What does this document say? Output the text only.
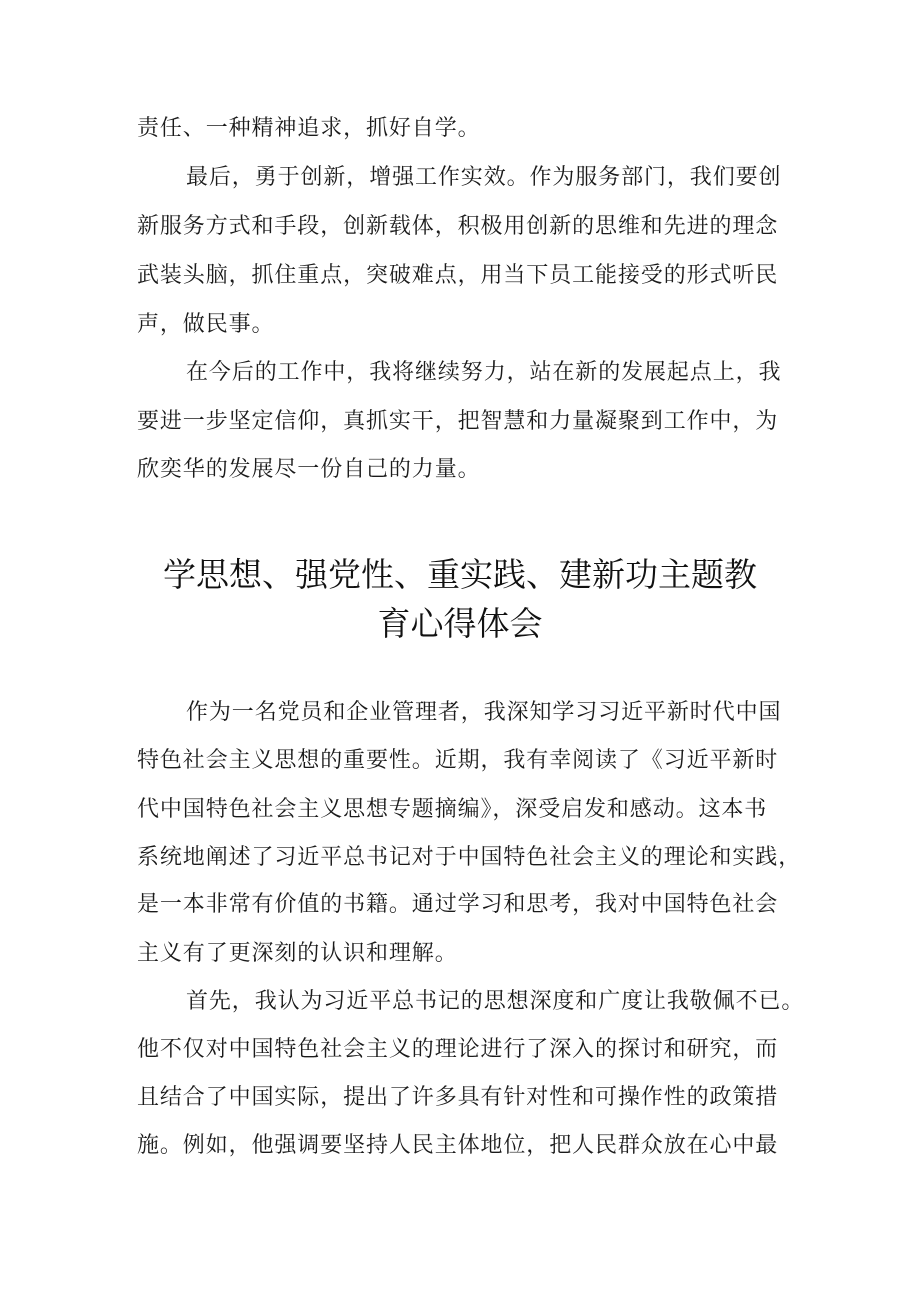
责任、一种精神追求，抓好自学。
最后，勇于创新，增强工作实效。作为服务部门，我们要创
新服务方式和手段，创新载体，积极用创新的思维和先进的理念
武装头脑，抓住重点，突破难点，用当下员工能接受的形式听民
声，做民事。
在今后的工作中，我将继续努力，站在新的发展起点上，我
要进一步坚定信仰，真抓实干，把智慧和力量凝聚到工作中，为
欣奕华的发展尽一份自己的力量。
学思想、强党性、重实践、建新功主题教
育心得体会
作为一名党员和企业管理者，我深知学习习近平新时代中国
特色社会主义思想的重要性。近期，我有幸阅读了《习近平新时
代中国特色社会主义思想专题摘编》，深受启发和感动。这本书
系统地阐述了习近平总书记对于中国特色社会主义的理论和实践，
是一本非常有价值的书籍。通过学习和思考，我对中国特色社会
主义有了更深刻的认识和理解。
首先，我认为习近平总书记的思想深度和广度让我敬佩不已。
他不仅对中国特色社会主义的理论进行了深入的探讨和研究，而
且结合了中国实际，提出了许多具有针对性和可操作性的政策措
施。例如，他强调要坚持人民主体地位，把人民群众放在心中最
